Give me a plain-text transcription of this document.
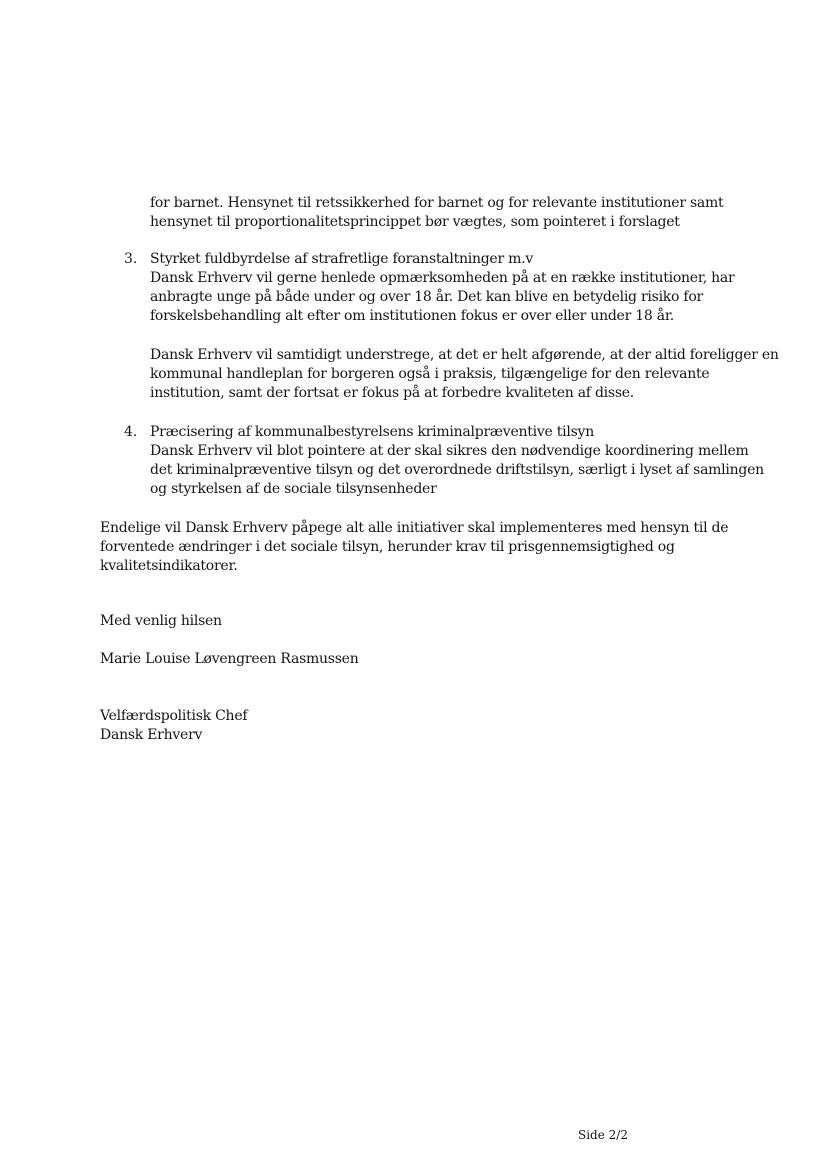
for barnet. Hensynet til retssikkerhed for barnet og for relevante institutioner samt
hensynet til proportionalitetsprincippet bør vægtes, som pointeret i forslaget
3. Styrket fuldbyrdelse af strafretlige foranstaltninger m.v
Dansk Erhverv vil gerne henlede opmærksomheden på at en række institutioner, har
anbragte unge på både under og over 18 år. Det kan blive en betydelig risiko for
forskelsbehandling alt efter om institutionen fokus er over eller under 18 år.
Dansk Erhverv vil samtidigt understrege, at det er helt afgørende, at der altid foreligger en
kommunal handleplan for borgeren også i praksis, tilgængelige for den relevante
institution, samt der fortsat er fokus på at forbedre kvaliteten af disse.
4. Præcisering af kommunalbestyrelsens kriminalpræventive tilsyn
Dansk Erhverv vil blot pointere at der skal sikres den nødvendige koordinering mellem
det kriminalpræventive tilsyn og det overordnede driftstilsyn, særligt i lyset af samlingen
og styrkelsen af de sociale tilsynsenheder
Endelige vil Dansk Erhverv påpege alt alle initiativer skal implementeres med hensyn til de
forventede ændringer i det sociale tilsyn, herunder krav til prisgennemsigtighed og
kvalitetsindikatorer.
Med venlig hilsen
Marie Louise Løvengreen Rasmussen
Velfærdspolitisk Chef
Dansk Erhverv
Side 2/2
